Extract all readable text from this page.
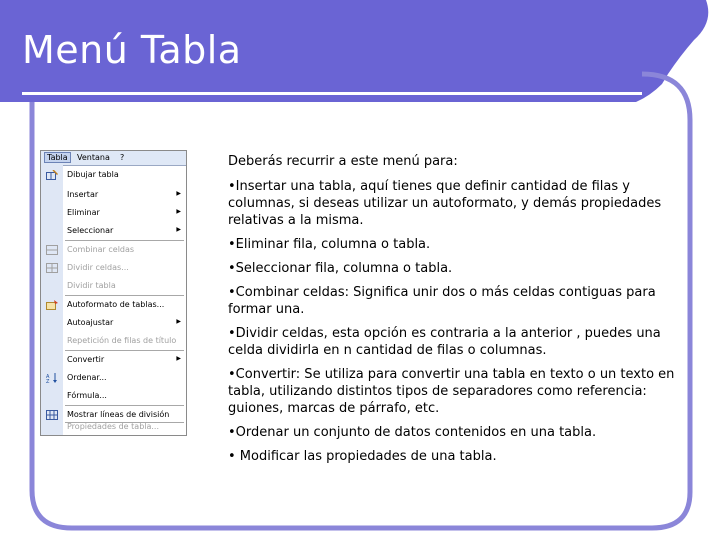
Menú Tabla
Tabla	Ventana ?
Dibujar tabla
Insertar	▶
Eliminar	▶
Seleccionar	▶
Combinar celdas
Dividir celdas...
Dividir tabla
Autoformato de tablas...
Autoajustar	▶
Repetición de filas de título
Convertir	▶
A
Z Ordenar...
Fórmula...
Mostrar líneas de división
Propiedades de tabla...

Deberás recurrir a este menú para:

•Insertar una tabla, aquí tienes que definir cantidad de filas y columnas, si deseas utilizar un autoformato, y demás propiedades relativas a la misma.

•Eliminar fila, columna o tabla.

•Seleccionar fila, columna o tabla.

•Combinar celdas: Significa unir dos o más celdas contiguas para formar una.

•Dividir celdas, esta opción es contraria a la anterior , puedes una celda dividirla en n cantidad de filas o columnas.

•Convertir: Se utiliza para convertir una tabla en texto o un texto en tabla, utilizando distintos tipos de separadores como referencia: guiones, marcas de párrafo, etc.

•Ordenar un conjunto de datos contenidos en una tabla.

• Modificar las propiedades de una tabla.
